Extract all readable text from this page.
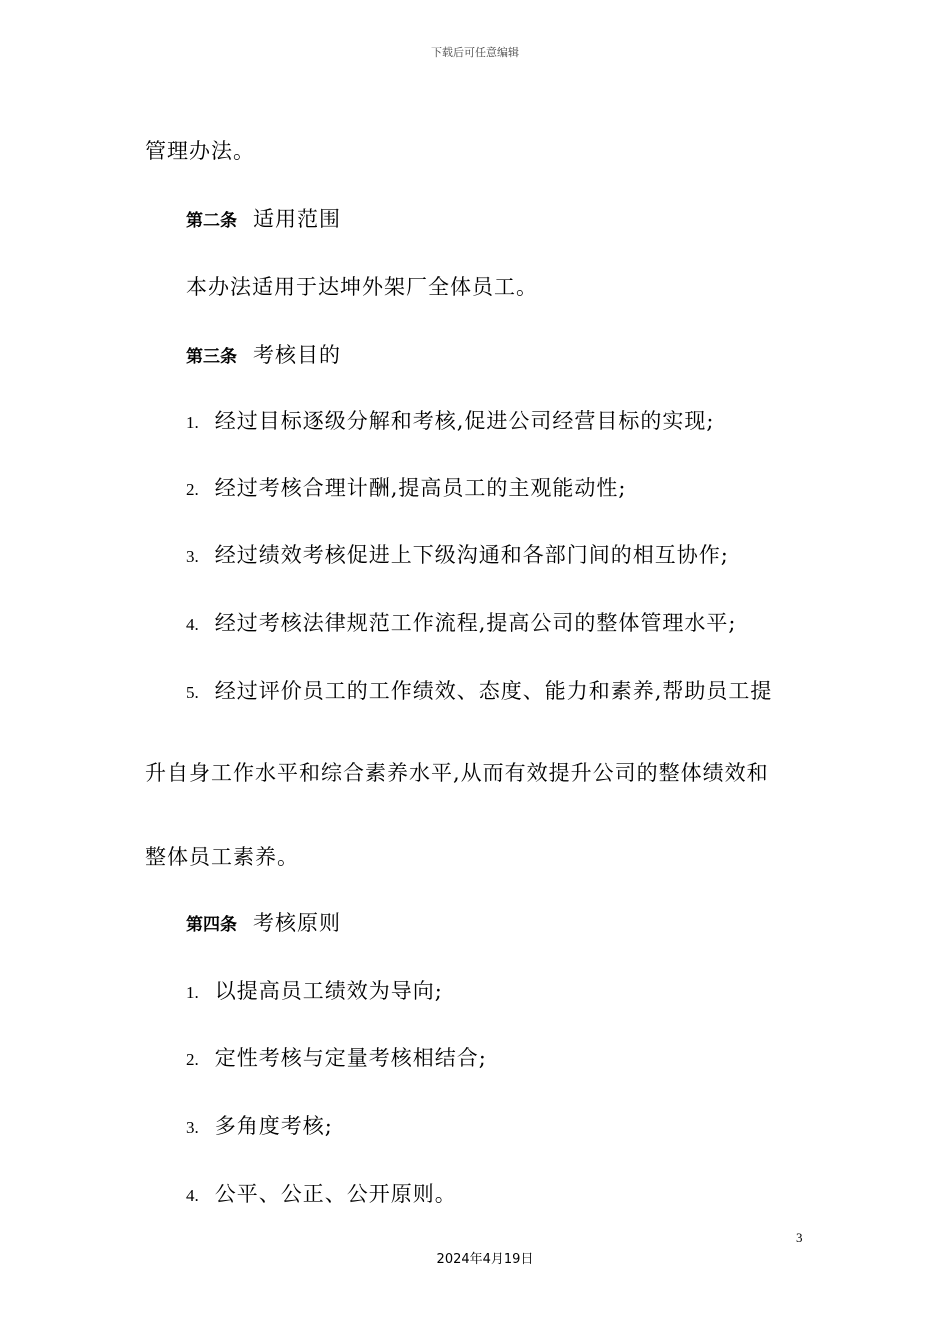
下载后可任意编辑
管理办法。
第二条 适用范围
本办法适用于达坤外架厂全体员工。
第三条 考核目的
1. 经过目标逐级分解和考核,促进公司经营目标的实现;
2. 经过考核合理计酬,提高员工的主观能动性;
3. 经过绩效考核促进上下级沟通和各部门间的相互协作;
4. 经过考核法律规范工作流程,提高公司的整体管理水平;
5. 经过评价员工的工作绩效、态度、能力和素养,帮助员工提
升自身工作水平和综合素养水平,从而有效提升公司的整体绩效和
整体员工素养。
第四条 考核原则
1. 以提高员工绩效为导向;
2. 定性考核与定量考核相结合;
3. 多角度考核;
4. 公平、公正、公开原则。
3
2024年4月19日
